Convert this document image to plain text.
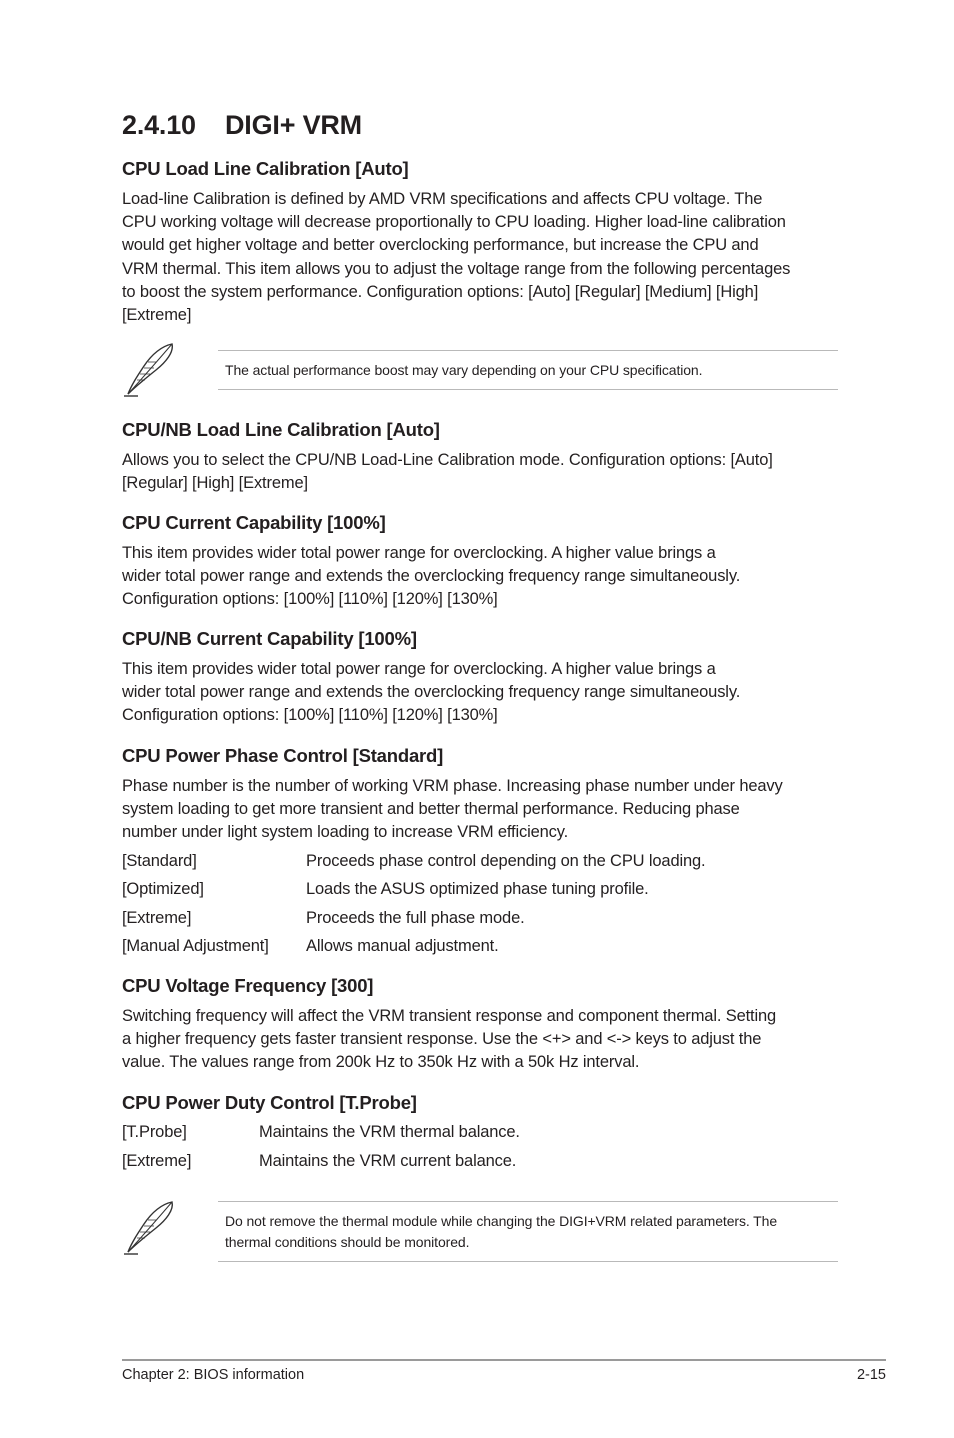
2.4.10 DIGI+ VRM
CPU Load Line Calibration [Auto]
Load-line Calibration is defined by AMD VRM specifications and affects CPU voltage. The
CPU working voltage will decrease proportionally to CPU loading. Higher load-line calibration
would get higher voltage and better overclocking performance, but increase the CPU and
VRM thermal. This item allows you to adjust the voltage range from the following percentages
to boost the system performance. Configuration options: [Auto] [Regular] [Medium] [High]
[Extreme]
The actual performance boost may vary depending on your CPU specification.
CPU/NB Load Line Calibration [Auto]
Allows you to select the CPU/NB Load-Line Calibration mode. Configuration options: [Auto]
[Regular] [High] [Extreme]
CPU Current Capability [100%]
This item provides wider total power range for overclocking. A higher value brings a
wider total power range and extends the overclocking frequency range simultaneously.
Configuration options: [100%] [110%] [120%] [130%]
CPU/NB Current Capability [100%]
This item provides wider total power range for overclocking. A higher value brings a
wider total power range and extends the overclocking frequency range simultaneously.
Configuration options: [100%] [110%] [120%] [130%]
CPU Power Phase Control [Standard]
Phase number is the number of working VRM phase. Increasing phase number under heavy
system loading to get more transient and better thermal performance. Reducing phase
number under light system loading to increase VRM efficiency.
[Standard]	Proceeds phase control depending on the CPU loading.
[Optimized]	Loads the ASUS optimized phase tuning profile.
[Extreme]	Proceeds the full phase mode.
[Manual Adjustment] Allows manual adjustment.
CPU Voltage Frequency [300]
Switching frequency will affect the VRM transient response and component thermal. Setting
a higher frequency gets faster transient response. Use the <+> and <-> keys to adjust the
value. The values range from 200k Hz to 350k Hz with a 50k Hz interval.
CPU Power Duty Control [T.Probe]
[T.Probe]	Maintains the VRM thermal balance.
[Extreme]	Maintains the VRM current balance.
Do not remove the thermal module while changing the DIGI+VRM related parameters. The
thermal conditions should be monitored.
Chapter 2: BIOS information	2-15
